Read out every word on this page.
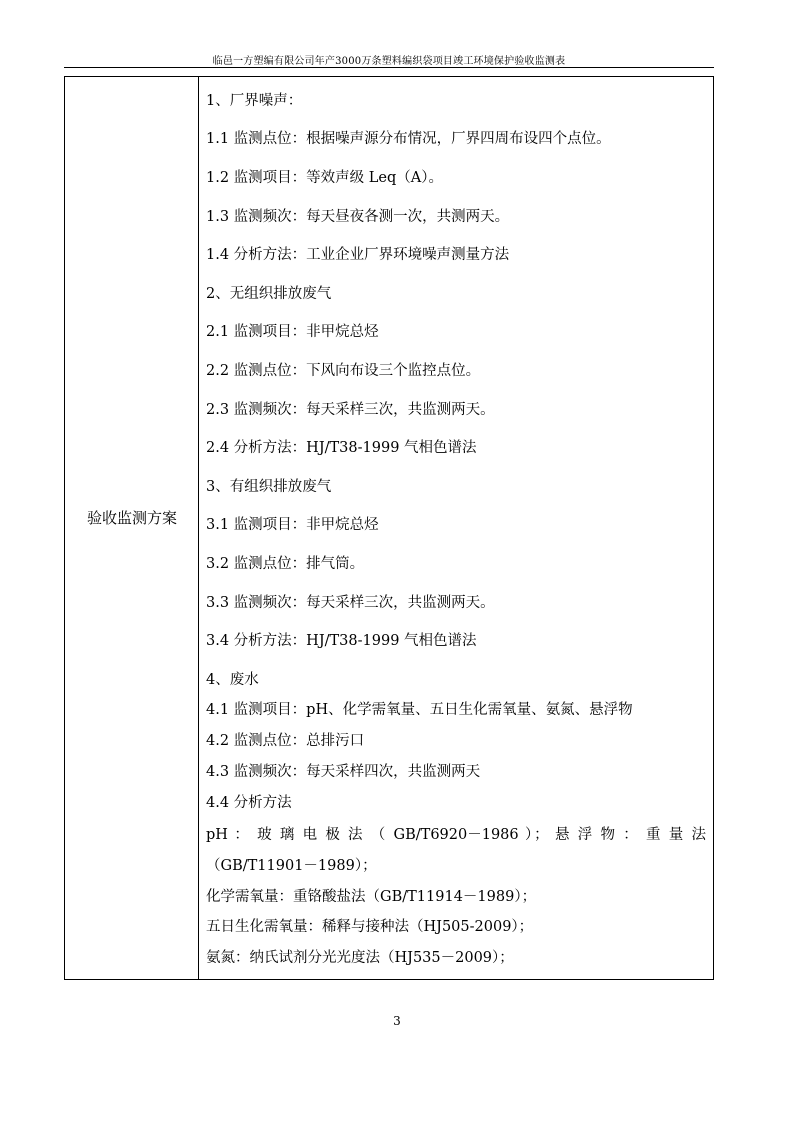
临邑一方塑编有限公司年产3000万条塑料编织袋项目竣工环境保护验收监测表
验收监测方案
1、厂界噪声：
1.1 监测点位：根据噪声源分布情况，厂界四周布设四个点位。
1.2 监测项目：等效声级 Leq（A）。
1.3 监测频次：每天昼夜各测一次，共测两天。
1.4 分析方法：工业企业厂界环境噪声测量方法
2、无组织排放废气
2.1 监测项目：非甲烷总烃
2.2 监测点位：下风向布设三个监控点位。
2.3 监测频次：每天采样三次，共监测两天。
2.4 分析方法：HJ/T38-1999 气相色谱法
3、有组织排放废气
3.1 监测项目：非甲烷总烃
3.2 监测点位：排气筒。
3.3 监测频次：每天采样三次，共监测两天。
3.4 分析方法：HJ/T38-1999 气相色谱法
4、废水
4.1 监测项目：pH、化学需氧量、五日生化需氧量、氨氮、悬浮物
4.2 监测点位：总排污口
4.3 监测频次：每天采样四次，共监测两天
4.4 分析方法
pH ： 玻 璃 电 极 法 （ GB/T6920－1986 ）； 悬 浮 物 ： 重 量 法
（GB/T11901－1989）；
化学需氧量：重铬酸盐法（GB/T11914－1989）；
五日生化需氧量：稀释与接种法（HJ505-2009）；
氨氮：纳氏试剂分光光度法（HJ535－2009）；
3
